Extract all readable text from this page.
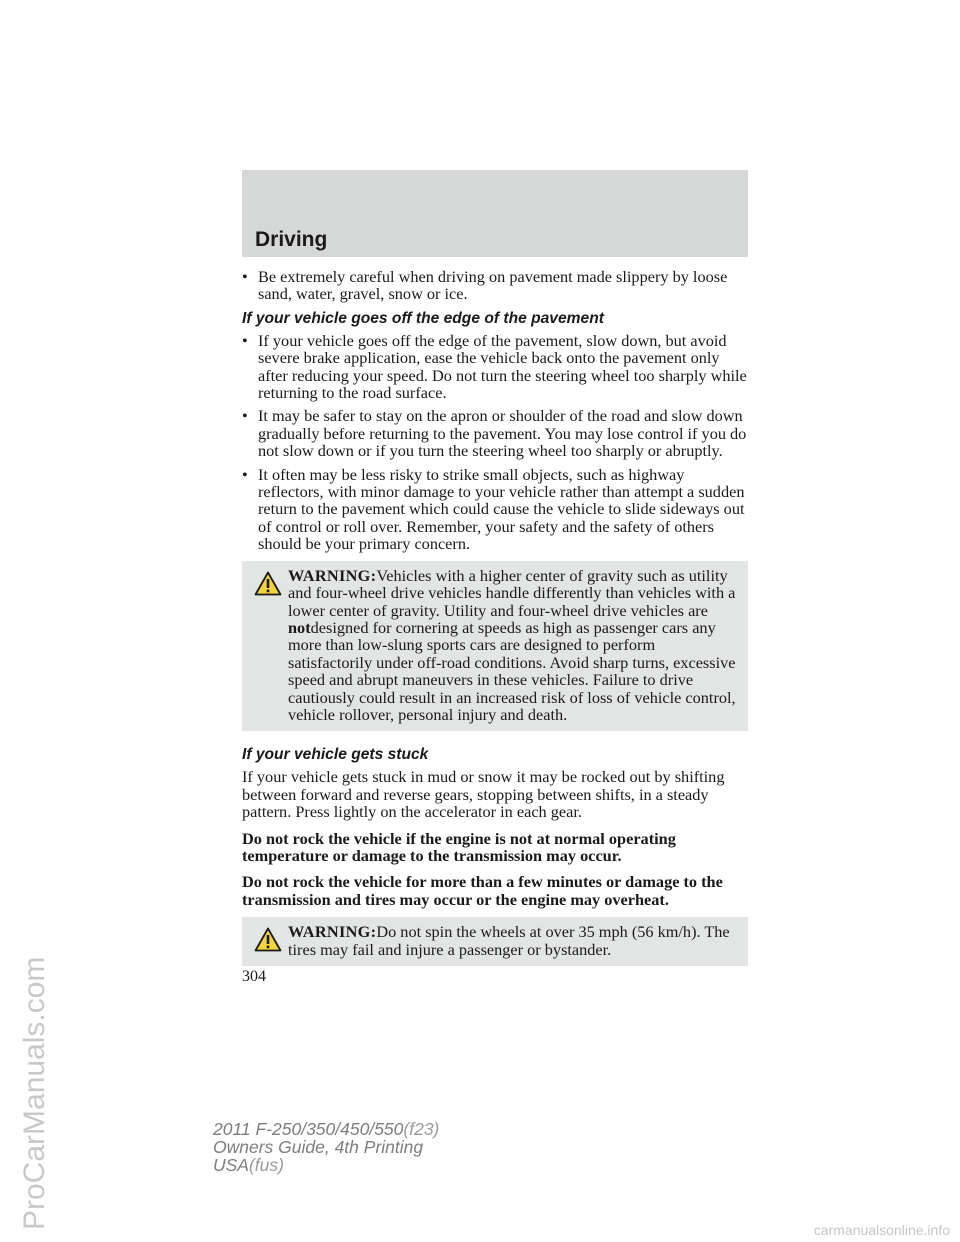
Driving
• Be extremely careful when driving on pavement made slippery by loose sand, water, gravel, snow or ice.
If your vehicle goes off the edge of the pavement
• If your vehicle goes off the edge of the pavement, slow down, but avoid severe brake application, ease the vehicle back onto the pavement only after reducing your speed. Do not turn the steering wheel too sharply while returning to the road surface.
• It may be safer to stay on the apron or shoulder of the road and slow down gradually before returning to the pavement. You may lose control if you do not slow down or if you turn the steering wheel too sharply or abruptly.
• It often may be less risky to strike small objects, such as highway reflectors, with minor damage to your vehicle rather than attempt a sudden return to the pavement which could cause the vehicle to slide sideways out of control or roll over. Remember, your safety and the safety of others should be your primary concern.
WARNING:Vehicles with a higher center of gravity such as utility and four-wheel drive vehicles handle differently than vehicles with a lower center of gravity. Utility and four-wheel drive vehicles are notdesigned for cornering at speeds as high as passenger cars any more than low-slung sports cars are designed to perform satisfactorily under off-road conditions. Avoid sharp turns, excessive speed and abrupt maneuvers in these vehicles. Failure to drive cautiously could result in an increased risk of loss of vehicle control, vehicle rollover, personal injury and death.
If your vehicle gets stuck
If your vehicle gets stuck in mud or snow it may be rocked out by shifting between forward and reverse gears, stopping between shifts, in a steady pattern. Press lightly on the accelerator in each gear.
Do not rock the vehicle if the engine is not at normal operating temperature or damage to the transmission may occur.
Do not rock the vehicle for more than a few minutes or damage to the transmission and tires may occur or the engine may overheat.
WARNING:Do not spin the wheels at over 35 mph (56 km/h). The tires may fail and injure a passenger or bystander.
304
2011 F-250/350/450/550(f23)
Owners Guide, 4th Printing
USA(fus)
ProCarManuals.com	carmanualsonline.info
